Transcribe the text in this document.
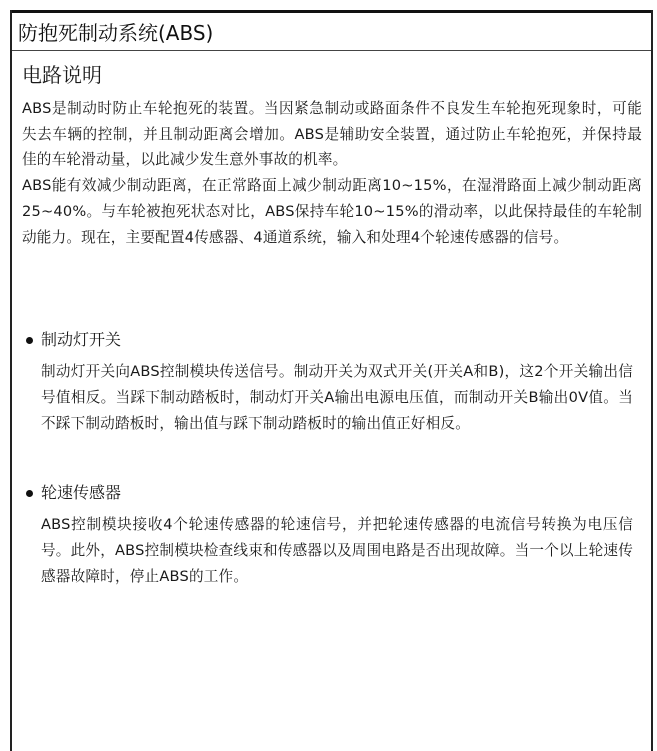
防抱死制动系统(ABS)
电路说明

ABS是制动时防止车轮抱死的装置。当因紧急制动或路面条件不良发生车轮抱死现象时，可能失去车辆的控制，并且制动距离会增加。ABS是辅助安全装置，通过防止车轮抱死，并保持最佳的车轮滑动量，以此减少发生意外事故的机率。

ABS能有效减少制动距离，在正常路面上减少制动距离10~15%，在湿滑路面上减少制动距离25~40%。与车轮被抱死状态对比，ABS保持车轮10~15%的滑动率，以此保持最佳的车轮制动能力。现在，主要配置4传感器、4通道系统，输入和处理4个轮速传感器的信号。

制动灯开关
制动灯开关向ABS控制模块传送信号。制动开关为双式开关(开关A和B)，这2个开关输出信号值相反。当踩下制动踏板时，制动灯开关A输出电源电压值，而制动开关B输出0V值。当不踩下制动踏板时，输出值与踩下制动踏板时的输出值正好相反。
轮速传感器
ABS控制模块接收4个轮速传感器的轮速信号，并把轮速传感器的电流信号转换为电压信号。此外，ABS控制模块检查线束和传感器以及周围电路是否出现故障。当一个以上轮速传感器故障时，停止ABS的工作。
